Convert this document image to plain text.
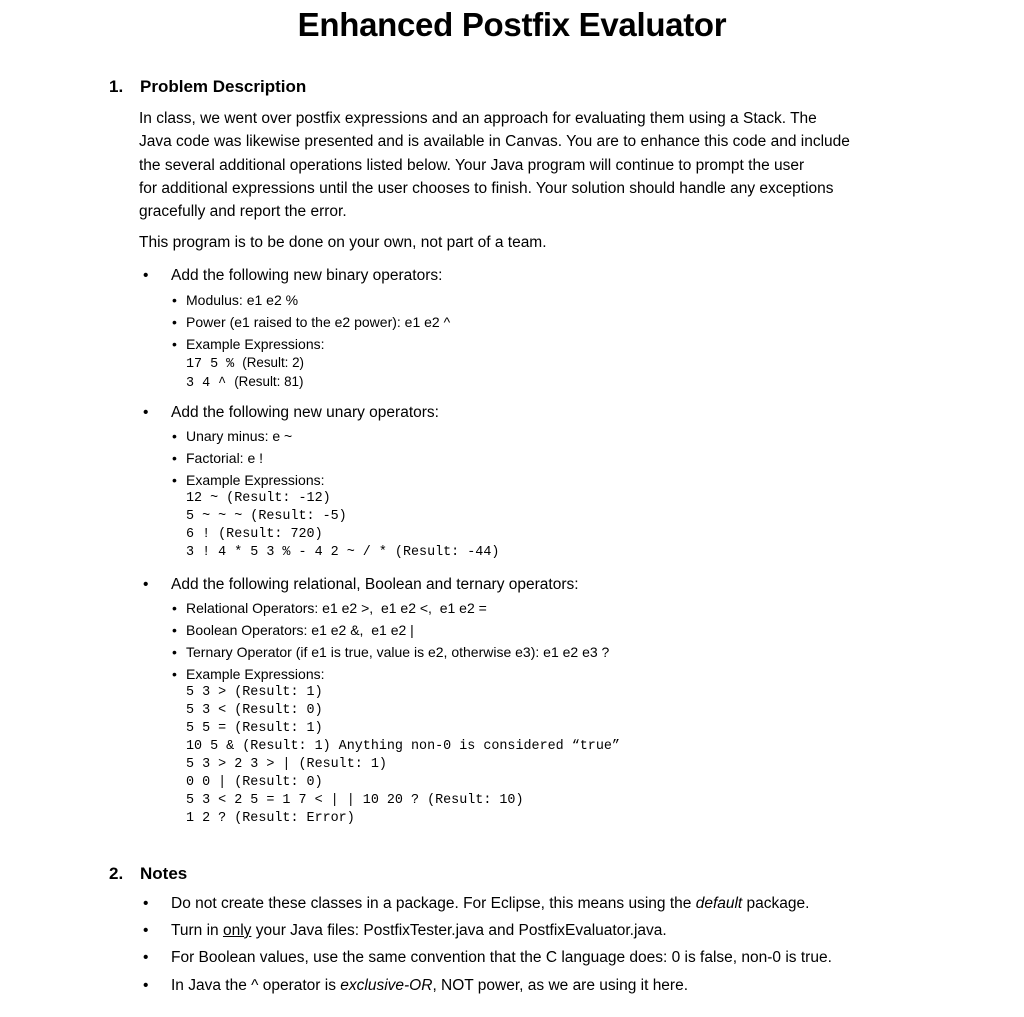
Enhanced Postfix Evaluator
1. Problem Description
In class, we went over postfix expressions and an approach for evaluating them using a Stack. The
Java code was likewise presented and is available in Canvas. You are to enhance this code and include
the several additional operations listed below. Your Java program will continue to prompt the user
for additional expressions until the user chooses to finish. Your solution should handle any exceptions
gracefully and report the error.
This program is to be done on your own, not part of a team.
• Add the following new binary operators:
• Modulus: e1 e2 %
• Power (e1 raised to the e2 power): e1 e2 ^
• Example Expressions:
17 5 % (Result: 2)
3 4 ^ (Result: 81)
• Add the following new unary operators:
• Unary minus: e ~
• Factorial: e !
• Example Expressions:
12 ~ (Result: -12)
5 ~ ~ ~ (Result: -5)
6 ! (Result: 720)
3 ! 4 * 5 3 % - 4 2 ~ / * (Result: -44)
• Add the following relational, Boolean and ternary operators:
• Relational Operators: e1 e2 >,  e1 e2 <,  e1 e2 =
• Boolean Operators: e1 e2 &,  e1 e2 |
• Ternary Operator (if e1 is true, value is e2, otherwise e3): e1 e2 e3 ?
• Example Expressions:
5 3 > (Result: 1)
5 3 < (Result: 0)
5 5 = (Result: 1)
10 5 & (Result: 1) Anything non-0 is considered “true”
5 3 > 2 3 > | (Result: 1)
0 0 | (Result: 0)
5 3 < 2 5 = 1 7 < | | 10 20 ? (Result: 10)
1 2 ? (Result: Error)
2. Notes
• Do not create these classes in a package. For Eclipse, this means using the default package.
• Turn in only your Java files: PostfixTester.java and PostfixEvaluator.java.
• For Boolean values, use the same convention that the C language does: 0 is false, non-0 is true.
• In Java the ^ operator is exclusive-OR, NOT power, as we are using it here.
